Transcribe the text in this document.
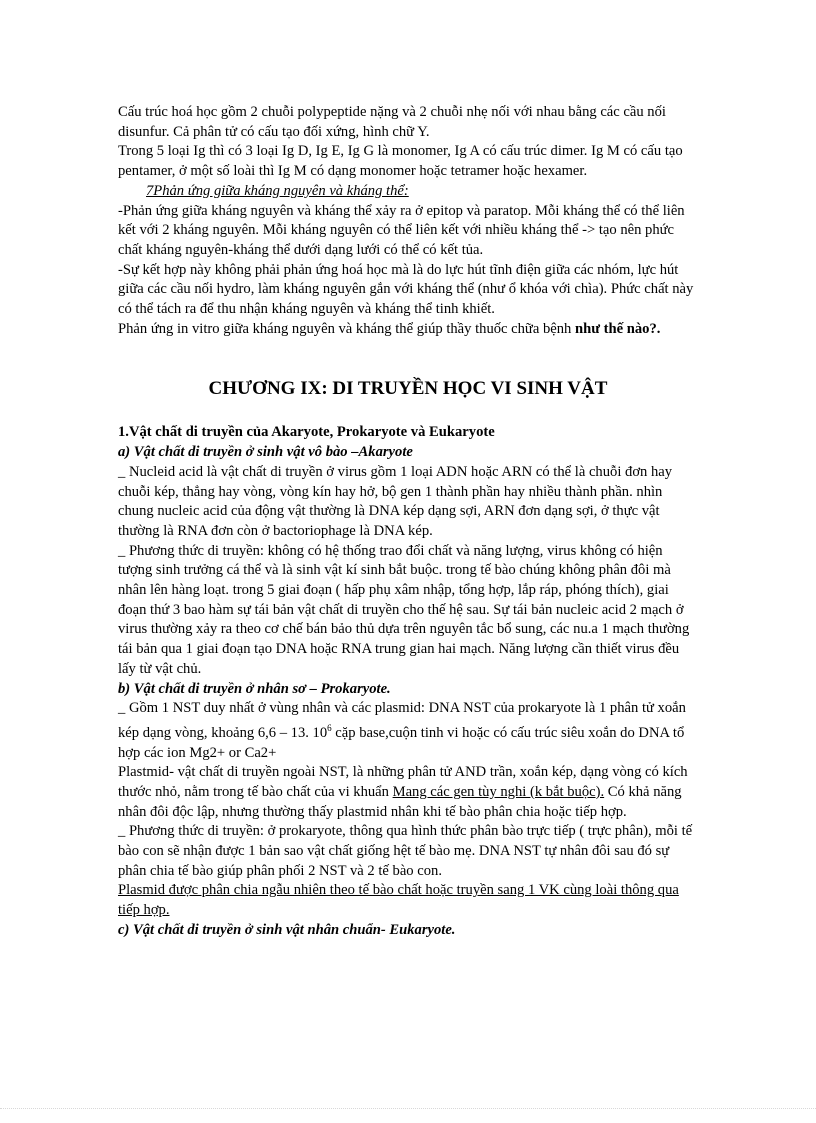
Cấu trúc hoá học gồm 2 chuỗi polypeptide nặng và 2 chuỗi nhẹ nối với nhau bằng các cầu nối disunfur. Cả phân tử có cấu tạo đối xứng, hình chữ Y.

Trong 5 loại Ig thì có 3 loại Ig D, Ig E, Ig G là monomer, Ig A có cấu trúc dimer. Ig M có cấu tạo pentamer, ở một số loài thì Ig M có dạng monomer hoặc tetramer hoặc hexamer.

7Phản ứng giữa kháng nguyên và kháng thể:

-Phản ứng giữa kháng nguyên và kháng thể xảy ra ở epitop và paratop. Mỗi kháng thể có thể liên kết với 2 kháng nguyên. Mỗi kháng nguyên có thể liên kết với nhiều kháng thể -> tạo nên phức chất kháng nguyên-kháng thể dưới dạng lưới có thể có kết tủa.

-Sự kết hợp này không phải phản ứng hoá học mà là do lực hút tĩnh điện giữa các nhóm, lực hút giữa các cầu nối hydro, làm kháng nguyên gắn với kháng thể (như ổ khóa với chìa). Phức chất này có thể tách ra để thu nhận kháng nguyên và kháng thể tinh khiết.

Phản ứng in vitro giữa kháng nguyên và kháng thể giúp thầy thuốc chữa bệnh như thế nào?.

CHƯƠNG IX: DI TRUYỀN HỌC VI SINH VẬT

1.Vật chất di truyền của Akaryote, Prokaryote và Eukaryote

a) Vật chất di truyền ở sinh vật vô bào –Akaryote

_ Nucleid acid là vật chất di truyền ở virus gồm 1 loại ADN hoặc ARN có thể là chuỗi đơn hay chuỗi kép, thẳng hay vòng, vòng kín hay hở, bộ gen 1 thành phần hay nhiều thành phần. nhìn chung nucleic acid của động vật thường là DNA kép dạng sợi, ARN đơn dạng sợi, ở thực vật thường là RNA đơn còn ở bactoriophage là DNA kép.

_ Phương thức di truyền: không có hệ thống trao đổi chất và năng lượng, virus không có hiện tượng sinh trưởng cá thể và là sinh vật kí sinh bắt buộc. trong tế bào chúng không phân đôi mà nhân lên hàng loạt. trong 5 giai đoạn ( hấp phụ xâm nhập, tổng hợp, lắp ráp, phóng thích), giai đoạn thứ 3 bao hàm sự tái bản vật chất di truyền cho thế hệ sau. Sự tái bản nucleic acid 2 mạch ở virus thường xảy ra theo cơ chế bán bảo thủ dựa trên nguyên tắc bổ sung, các nu.a 1 mạch thường tái bản qua 1 giai đoạn tạo DNA hoặc RNA trung gian hai mạch. Năng lượng cần thiết virus đều lấy từ vật chủ.

b) Vật chất di truyền ở nhân sơ – Prokaryote.

_ Gồm 1 NST duy nhất ở vùng nhân và các plasmid: DNA NST của prokaryote là 1 phân tử xoắn kép dạng vòng, khoảng 6,6 – 13. $10^6$ cặp base,cuộn tinh vi hoặc có cấu trúc siêu xoắn do DNA tổ hợp các ion Mg2+ or Ca2+

Plastmid- vật chất di truyền ngoài NST, là những phân tử AND trần, xoắn kép, dạng vòng có kích thước nhỏ, nằm trong tế bào chất của vi khuẩn Mang các gen tùy nghi (k bắt buộc). Có khả năng nhân đôi độc lập, nhưng thường thấy plastmid nhân khi tế bào phân chia hoặc tiếp hợp.

_ Phương thức di truyền: ở prokaryote, thông qua hình thức phân bào trực tiếp ( trực phân), mỗi tế bào con sẽ nhận được 1 bản sao vật chất giống hệt tế bào mẹ. DNA NST tự nhân đôi sau đó sự phân chia tế bào giúp phân phối 2 NST và 2 tế bào con.

Plasmid được phân chia ngẫu nhiên theo tế bào chất hoặc truyền sang 1 VK cùng loài thông qua tiếp hợp.

c) Vật chất di truyền ở sinh vật nhân chuẩn- Eukaryote.
